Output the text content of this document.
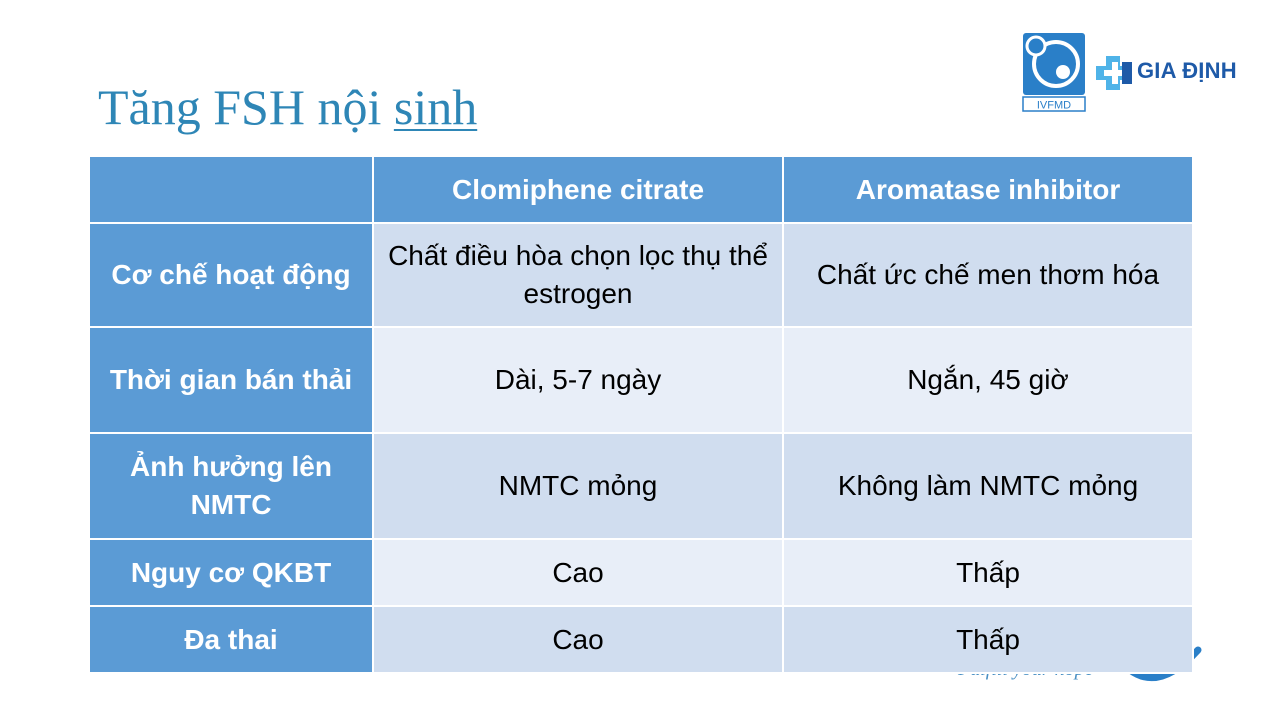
Tăng FSH nội sinh	IVFMD
GIA ĐỊNH
	Clomiphene citrate	Aromatase inhibitor
Cơ chế hoạt động	Chất điều hòa chọn lọc thụ thể estrogen	Chất ức chế men thơm hóa
Thời gian bán thải	Dài, 5-7 ngày	Ngắn, 45 giờ
Ảnh hưởng lên NMTC	NMTC mỏng	Không làm NMTC mỏng
Nguy cơ QKBT	Cao	Thấp
Đa thai	Cao	Thấp
